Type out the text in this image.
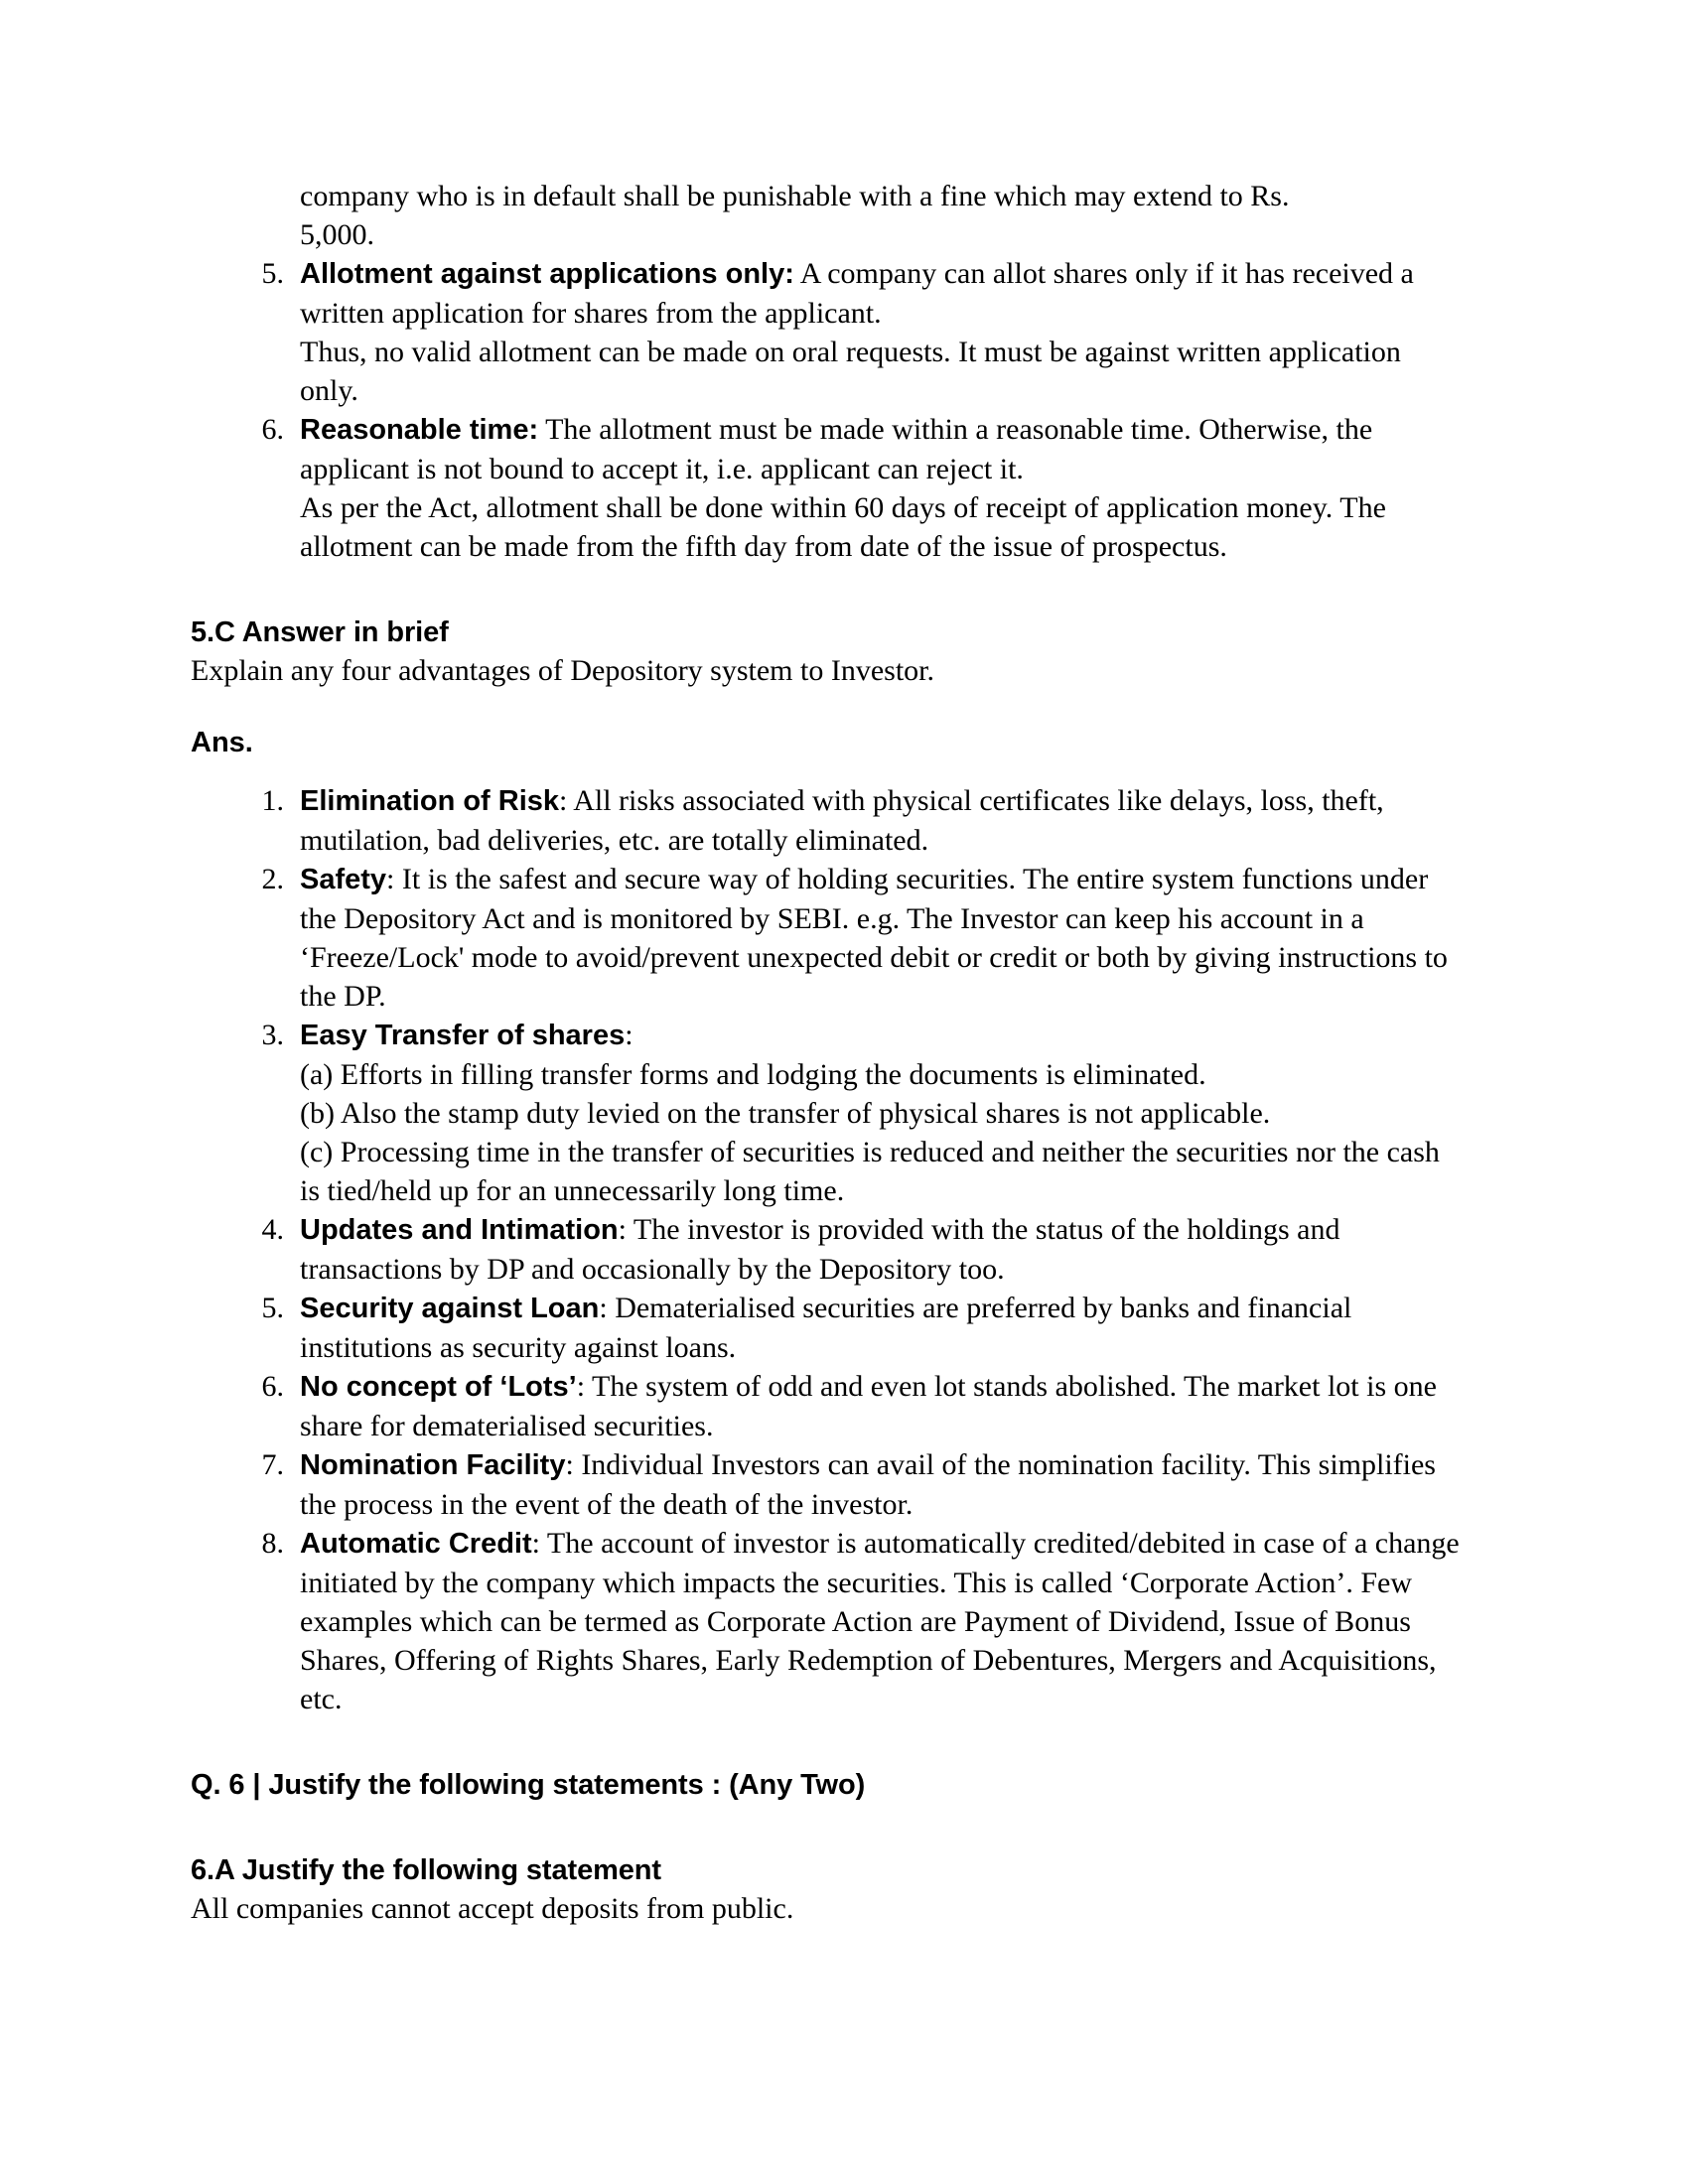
company who is in default shall be punishable with a fine which may extend to Rs.

5,000.

5. Allotment against applications only: A company can allot shares only if it has received a written application for shares from the applicant.
Thus, no valid allotment can be made on oral requests. It must be against written application only.
6. Reasonable time: The allotment must be made within a reasonable time. Otherwise, the applicant is not bound to accept it, i.e. applicant can reject it.
As per the Act, allotment shall be done within 60 days of receipt of application money. The allotment can be made from the fifth day from date of the issue of prospectus.
5.C Answer in brief

Explain any four advantages of Depository system to Investor.

Ans.

1. Elimination of Risk: All risks associated with physical certificates like delays, loss, theft, mutilation, bad deliveries, etc. are totally eliminated.
2. Safety: It is the safest and secure way of holding securities. The entire system functions under the Depository Act and is monitored by SEBI. e.g. The Investor can keep his account in a ‘Freeze/Lock' mode to avoid/prevent unexpected debit or credit or both by giving instructions to the DP.
3. Easy Transfer of shares:
(a) Efforts in filling transfer forms and lodging the documents is eliminated.
(b) Also the stamp duty levied on the transfer of physical shares is not applicable.
(c) Processing time in the transfer of securities is reduced and neither the securities nor the cash is tied/held up for an unnecessarily long time.
4. Updates and Intimation: The investor is provided with the status of the holdings and transactions by DP and occasionally by the Depository too.
5. Security against Loan: Dematerialised securities are preferred by banks and financial institutions as security against loans.
6. No concept of ‘Lots’: The system of odd and even lot stands abolished. The market lot is one share for dematerialised securities.
7. Nomination Facility: Individual Investors can avail of the nomination facility. This simplifies the process in the event of the death of the investor.
8. Automatic Credit: The account of investor is automatically credited/debited in case of a change initiated by the company which impacts the securities. This is called ‘Corporate Action’. Few examples which can be termed as Corporate Action are Payment of Dividend, Issue of Bonus Shares, Offering of Rights Shares, Early Redemption of Debentures, Mergers and Acquisitions, etc.
Q. 6 | Justify the following statements : (Any Two)
6.A Justify the following statement

All companies cannot accept deposits from public.
